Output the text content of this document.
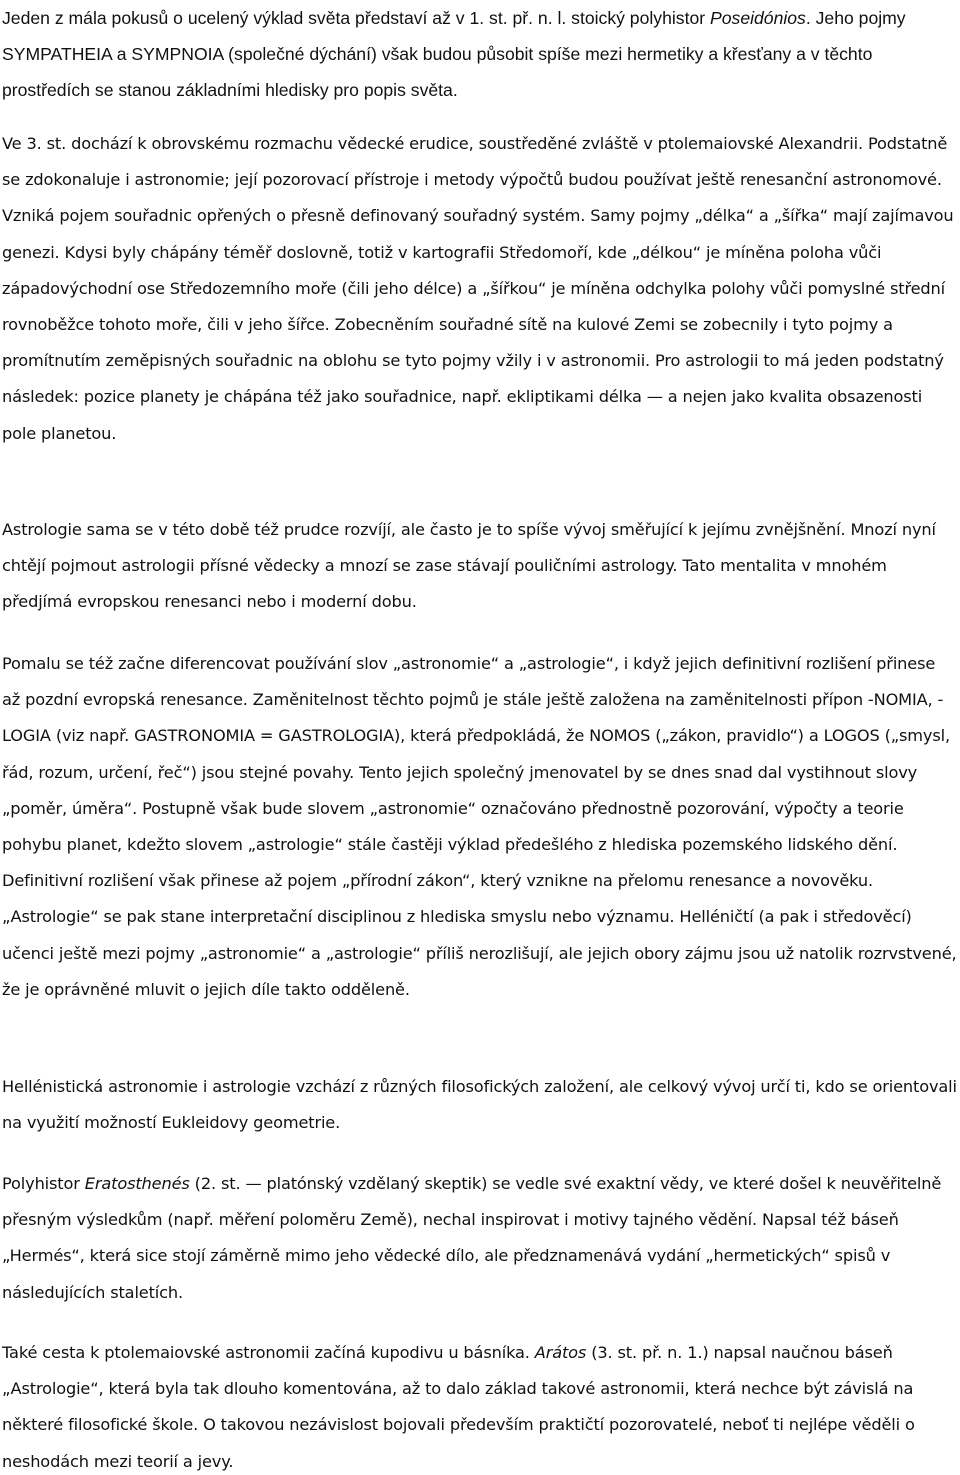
Jeden z mála pokusů o ucelený výklad světa představí až v 1. st. př. n. l. stoický polyhistor Poseidónios. Jeho pojmy SYMPATHEIA a SYMPNOIA (společné dýchání) však budou působit spíše mezi hermetiky a křesťany a v těchto prostředích se stanou základními hledisky pro popis světa.

Ve 3. st. dochází k obrovskému rozmachu vědecké erudice, soustředěné zvláště v ptolemaiovské Alexandrii. Podstatně se zdokonaluje i astronomie; její pozorovací přístroje i metody výpočtů budou používat ještě renesanční astronomové. Vzniká pojem souřadnic opřených o přesně definovaný souřadný systém. Samy pojmy „délka“ a „šířka“ mají zajímavou genezi. Kdysi byly chápány téměř doslovně, totiž v kartografii Středomoří, kde „délkou“ je míněna poloha vůči západovýchodní ose Středozemního moře (čili jeho délce) a „šířkou“ je míněna odchylka polohy vůči pomyslné střední rovnoběžce tohoto moře, čili v jeho šířce. Zobecněním souřadné sítě na kulové Zemi se zobecnily i tyto pojmy a promítnutím zeměpisných souřadnic na oblohu se tyto pojmy vžily i v astronomii. Pro astrologii to má jeden podstatný následek: pozice planety je chápána též jako souřadnice, např. ekliptikami délka — a nejen jako kvalita obsazenosti pole planetou.

Astrologie sama se v této době též prudce rozvíjí, ale často je to spíše vývoj směřující k jejímu zvnějšnění. Mnozí nyní chtějí pojmout astrologii přísné vědecky a mnozí se zase stávají pouličními astrology. Tato mentalita v mnohém předjímá evropskou renesanci nebo i moderní dobu.

Pomalu se též začne diferencovat používání slov „astronomie“ a „astrologie“, i když jejich definitivní rozlišení přinese až pozdní evropská renesance. Zaměnitelnost těchto pojmů je stále ještě založena na zaměnitelnosti přípon -NOMIA, -LOGIA (viz např. GASTRONOMIA = GASTROLOGIA), která předpokládá, že NOMOS („zákon, pravidlo“) a LOGOS („smysl, řád, rozum, určení, řeč“) jsou stejné povahy. Tento jejich společný jmenovatel by se dnes snad dal vystihnout slovy „poměr, úměra“. Postupně však bude slovem „astronomie“ označováno přednostně pozorování, výpočty a teorie pohybu planet, kdežto slovem „astrologie“ stále častěji výklad předešlého z hlediska pozemského lidského dění. Definitivní rozlišení však přinese až pojem „přírodní zákon“, který vznikne na přelomu renesance a novověku. „Astrologie“ se pak stane interpretační disciplinou z hlediska smyslu nebo významu. Helléničtí (a pak i středověcí) učenci ještě mezi pojmy „astronomie“ a „astrologie“ příliš nerozlišují, ale jejich obory zájmu jsou už natolik rozrvstvené, že je oprávněné mluvit o jejich díle takto odděleně.

Hellénistická astronomie i astrologie vzchází z různých filosofických založení, ale celkový vývoj určí ti, kdo se orientovali na využití možností Eukleidovy geometrie.

Polyhistor Eratosthenés (2. st. — platónský vzdělaný skeptik) se vedle své exaktní vědy, ve které došel k neuvěřitelně přesným výsledkům (např. měření poloměru Země), nechal inspirovat i motivy tajného vědění. Napsal též báseň „Hermés“, která sice stojí záměrně mimo jeho vědecké dílo, ale předznamenává vydání „hermetických“ spisů v následujících staletích.

Také cesta k ptolemaiovské astronomii začíná kupodivu u básníka. Arátos (3. st. př. n. 1.) napsal naučnou báseň „Astrologie“, která byla tak dlouho komentována, až to dalo základ takové astronomii, která nechce být závislá na některé filosofické škole. O takovou nezávislost bojovali především praktičtí pozorovatelé, neboť ti nejlépe věděli o neshodách mezi teorií a jevy.
